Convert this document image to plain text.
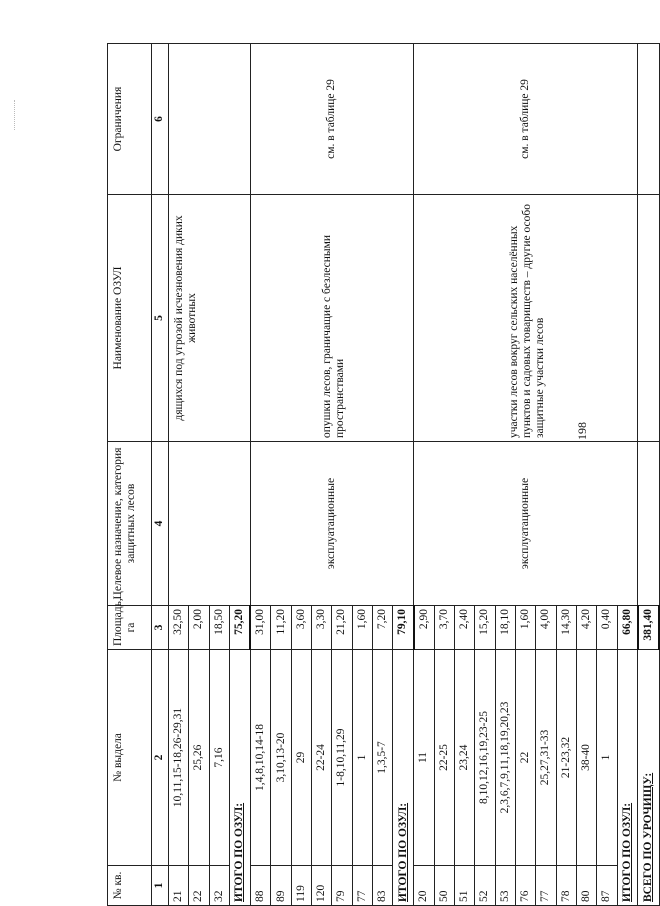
№ кв.	№ выдела	Площадь, га	Целевое назначение, категория защитных лесов	Наименование ОЗУЛ	Ограничения
1	2	3	4	5	6
21	10,11,15-18,26-29,31	32,50		дящихся под угрозой исчезновения диких животных	
22	25,26	2,00			
32	7,16	18,50			
ИТОГО ПО ОЗУЛ:		75,20			
88	1,4,8,10,14-18	31,00	эксплуатационные	опушки лесов, граничащие с безлесными пространствами	см. в таблице 29
89	3,10,13-20	11,20			
119	29	3,60			
120	22-24	3,30			
79	1-8,10,11,29	21,20			
77	1	1,60			
83	1,3,5-7	7,20			
ИТОГО ПО ОЗУЛ:		79,10			
20	11	2,90	эксплуатационные	участки лесов вокруг сельских населённых пунктов и садовых товариществ – другие особо защитные участки лесов	см. в таблице 29
50	22-25	3,70			
51	23,24	2,40			
52	8,10,12,16,19,23-25	15,20			
53	2,3,6,7,9,11,18,19,20,23	18,10			
76	22	1,60			
77	25,27,31-33	4,00			
78	21-23,32	14,30			
80	38-40	4,20			
87	1	0,40			
ИТОГО ПО ОЗУЛ:		66,80			
ВСЕГО ПО УРОЧИЩУ:		381,40			
198
